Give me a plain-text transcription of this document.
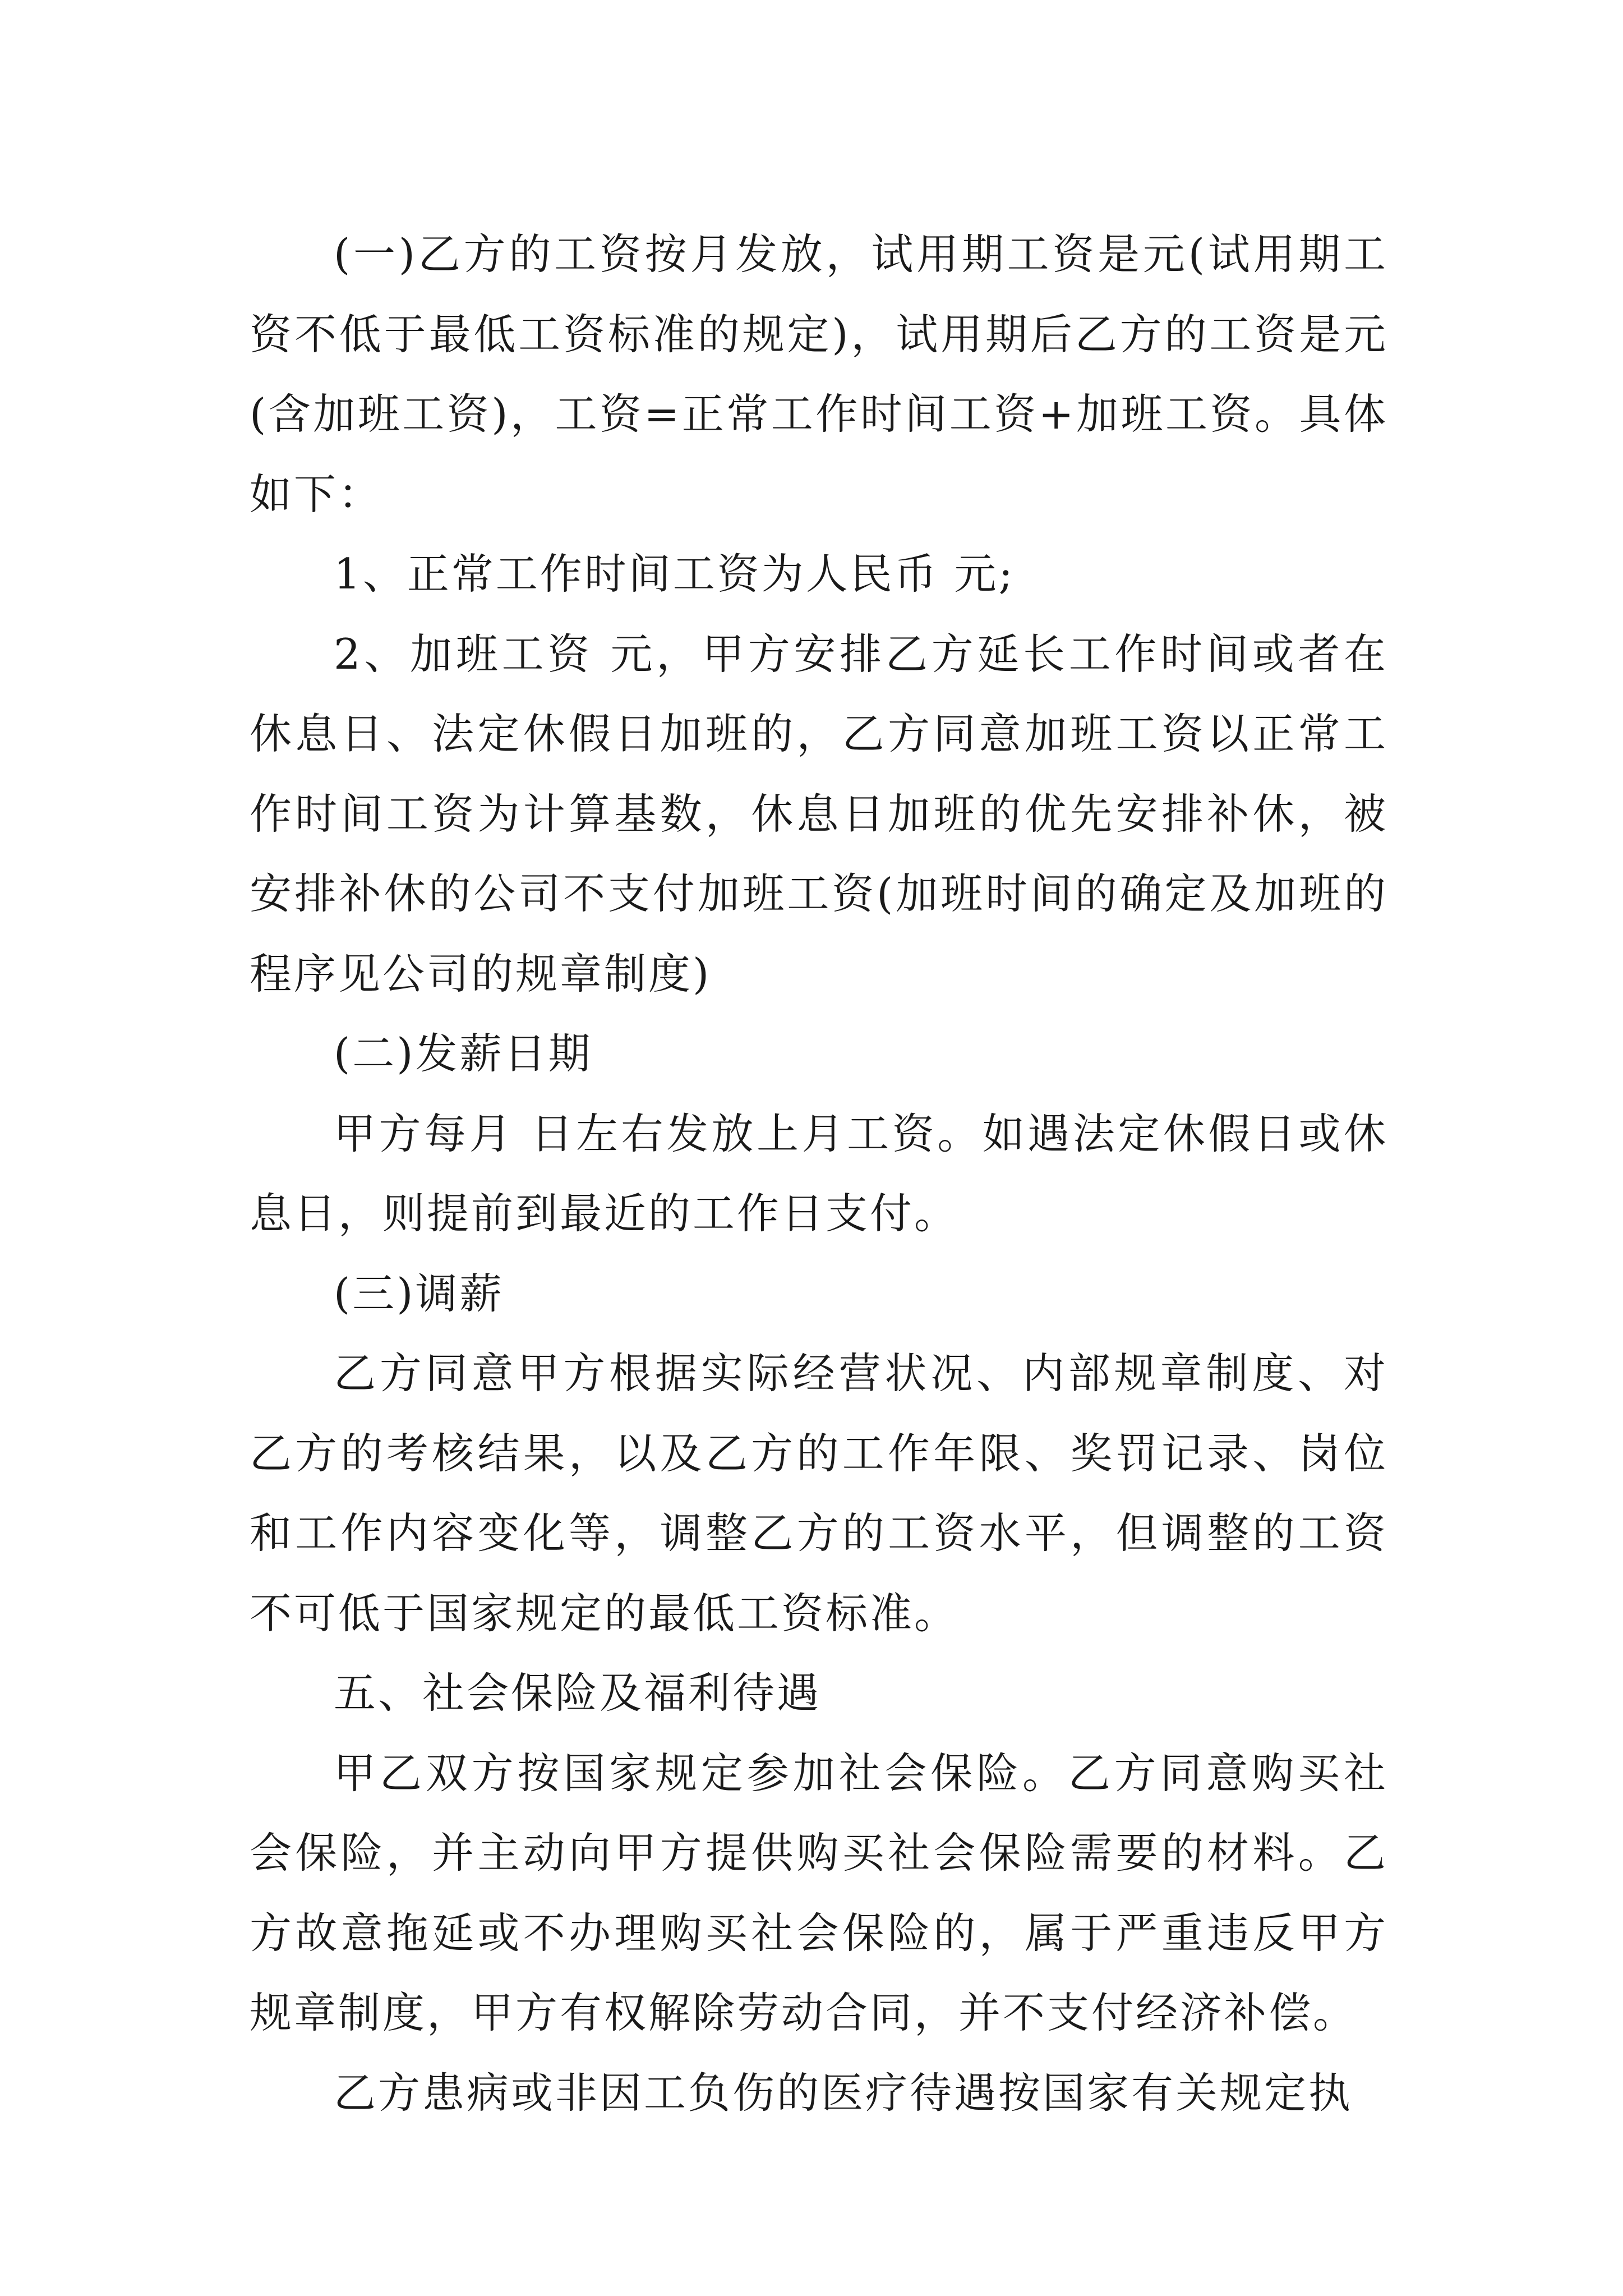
(一)乙方的工资按月发放，试用期工资是元(试用期工资不低于最低工资标准的规定)，试用期后乙方的工资是元(含加班工资)，工资=正常工作时间工资+加班工资。具体如下：

1、正常工作时间工资为人民币 元;

2、加班工资 元，甲方安排乙方延长工作时间或者在休息日、法定休假日加班的，乙方同意加班工资以正常工作时间工资为计算基数，休息日加班的优先安排补休，被安排补休的公司不支付加班工资(加班时间的确定及加班的程序见公司的规章制度)

(二)发薪日期

甲方每月 日左右发放上月工资。如遇法定休假日或休息日，则提前到最近的工作日支付。

(三)调薪

乙方同意甲方根据实际经营状况、内部规章制度、对乙方的考核结果，以及乙方的工作年限、奖罚记录、岗位和工作内容变化等，调整乙方的工资水平，但调整的工资不可低于国家规定的最低工资标准。

五、社会保险及福利待遇

甲乙双方按国家规定参加社会保险。乙方同意购买社会保险，并主动向甲方提供购买社会保险需要的材料。乙方故意拖延或不办理购买社会保险的，属于严重违反甲方规章制度，甲方有权解除劳动合同，并不支付经济补偿。

乙方患病或非因工负伤的医疗待遇按国家有关规定执
